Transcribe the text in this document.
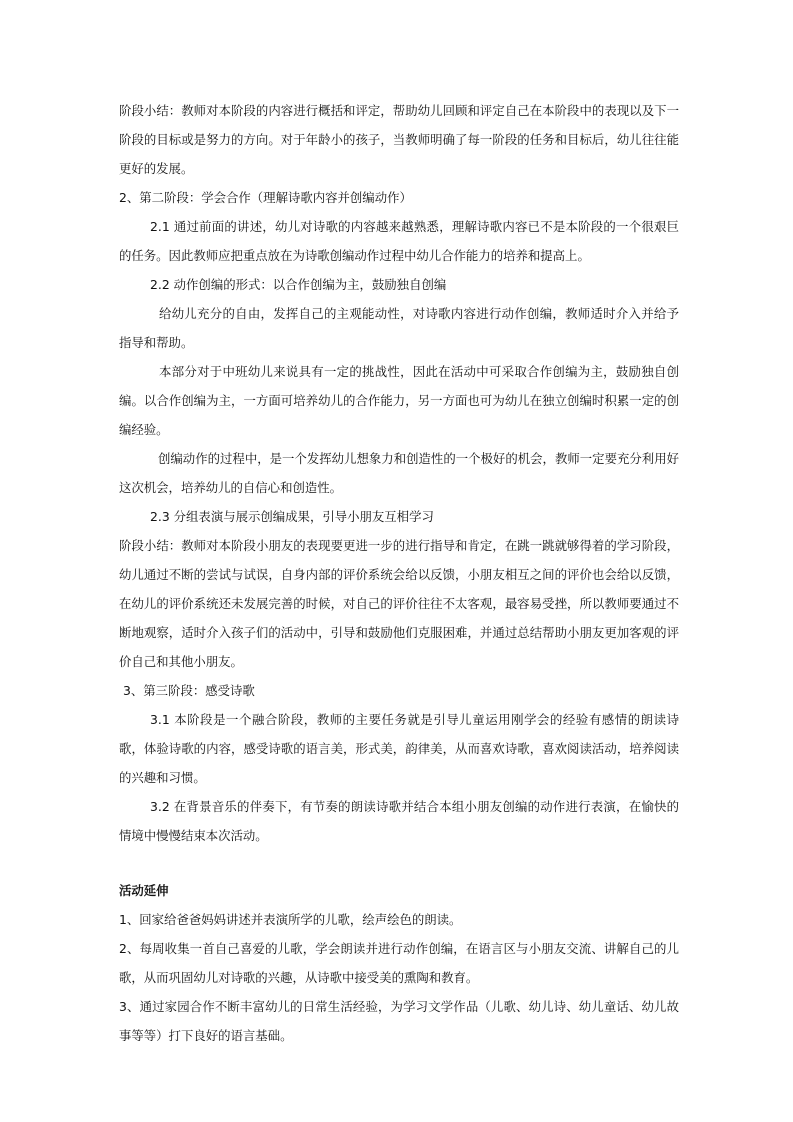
阶段小结：教师对本阶段的内容进行概括和评定，帮助幼儿回顾和评定自己在本阶段中的表现以及下一阶段的目标或是努力的方向。对于年龄小的孩子，当教师明确了每一阶段的任务和目标后，幼儿往往能更好的发展。

2、第二阶段：学会合作（理解诗歌内容并创编动作）

2.1 通过前面的讲述，幼儿对诗歌的内容越来越熟悉，理解诗歌内容已不是本阶段的一个很艰巨的任务。因此教师应把重点放在为诗歌创编动作过程中幼儿合作能力的培养和提高上。

2.2 动作创编的形式：以合作创编为主，鼓励独自创编

给幼儿充分的自由，发挥自己的主观能动性，对诗歌内容进行动作创编，教师适时介入并给予指导和帮助。

本部分对于中班幼儿来说具有一定的挑战性，因此在活动中可采取合作创编为主，鼓励独自创编。以合作创编为主，一方面可培养幼儿的合作能力，另一方面也可为幼儿在独立创编时积累一定的创编经验。

创编动作的过程中，是一个发挥幼儿想象力和创造性的一个极好的机会，教师一定要充分利用好这次机会，培养幼儿的自信心和创造性。

2.3 分组表演与展示创编成果，引导小朋友互相学习

阶段小结：教师对本阶段小朋友的表现要更进一步的进行指导和肯定，在跳一跳就够得着的学习阶段，幼儿通过不断的尝试与试误，自身内部的评价系统会给以反馈，小朋友相互之间的评价也会给以反馈，在幼儿的评价系统还未发展完善的时候，对自己的评价往往不太客观，最容易受挫，所以教师要通过不断地观察，适时介入孩子们的活动中，引导和鼓励他们克服困难，并通过总结帮助小朋友更加客观的评价自己和其他小朋友。

3、第三阶段：感受诗歌

3.1 本阶段是一个融合阶段，教师的主要任务就是引导儿童运用刚学会的经验有感情的朗读诗歌，体验诗歌的内容，感受诗歌的语言美，形式美，韵律美，从而喜欢诗歌，喜欢阅读活动，培养阅读的兴趣和习惯。

3.2 在背景音乐的伴奏下，有节奏的朗读诗歌并结合本组小朋友创编的动作进行表演，在愉快的情境中慢慢结束本次活动。

活动延伸

1、回家给爸爸妈妈讲述并表演所学的儿歌，绘声绘色的朗读。

2、每周收集一首自己喜爱的儿歌，学会朗读并进行动作创编，在语言区与小朋友交流、讲解自己的儿歌，从而巩固幼儿对诗歌的兴趣，从诗歌中接受美的熏陶和教育。

3、通过家园合作不断丰富幼儿的日常生活经验，为学习文学作品（儿歌、幼儿诗、幼儿童话、幼儿故事等等）打下良好的语言基础。
